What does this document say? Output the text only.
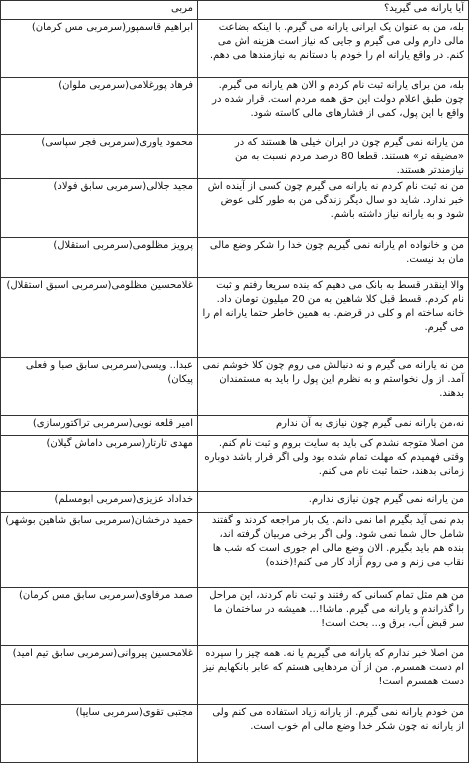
آیا یارانه می گیرید؟	مربی
بله، من به عنوان یک ایرانی یارانه می گیرم. با اینکه بضاعت مالی دارم ولی می گیرم و جایی که نیاز است هزینه اش می کنم. در واقع یارانه ام را خودم با دستانم به نیازمندها می دهم.	ابراهیم قاسمپور(سرمربی مس کرمان)
بله، من برای یارانه ثبت نام کردم و الان هم یارانه می گیرم. چون طبق اعلام دولت این حق همه مردم است. قرار شده در واقع با این پول، کمی از فشارهای مالی کاسته شود.	فرهاد پورغلامی(سرمربی ملوان)
من یارانه نمی گیرم چون در ایران خیلی ها هستند که در «مضیقه تر» هستند. قطعا 80 درصد مردم نسبت به من نیازمندتر هستند.	محمود یاوری(سرمربی فجر سپاسی)
من نه ثبت نام کردم نه یارانه می گیرم چون کسی از آینده اش خبر ندارد. شاید دو سال دیگر زندگی من به طور کلی عوض شود و به یارانه نیاز داشته باشم.	مجید جلالی(سرمربی سابق فولاد)
من و خانواده ام یارانه نمی گیریم چون خدا را شکر وضع مالی مان بد نیست.	پرویز مظلومی(سرمربی استقلال)
والا اینقدر قسط به بانک می دهیم که بنده سریعا رفتم و ثبت نام کردم. قسط قبل کلا شاهین به من 20 میلیون تومان داد. خانه ساخته ام و کلی در قرضم. به همین خاطر حتما یارانه ام را می گیرم.	غلامحسین مظلومی(سرمربی اسبق استقلال)
من نه یارانه می گیرم و نه دنبالش می روم چون کلا خوشم نمی آمد. از ول نخواستم و به نظرم این پول را باید به مستمندان بدهند.	عبدا.. ویسی(سرمربی سابق صبا و فعلی پیکان)
نه،من یارانه نمی گیرم چون نیازی به آن ندارم	امیر قلعه نویی(سرمربی تراکتورسازی)
من اصلا متوجه نشدم کی باید به سایت بروم و ثبت نام کنم. وقتی فهمیدم که مهلت تمام شده بود ولی اگر قرار باشد دوباره زمانی بدهند، حتما ثبت نام می کنم.	مهدی تارتار(سرمربی داماش گیلان)
من یارانه نمی گیرم چون نیازی ندارم.	خداداد عزیزی(سرمربی ابومسلم)
بدم نمی آید بگیرم اما نمی دانم. یک بار مراجعه کردند و گفتند شامل حال شما نمی شود. ولی اگر برخی مربیان گرفته اند، بنده هم باید بگیرم. الان وضع مالی ام جوری است که شب ها نقاب می زنم و می روم آزاد کار می کنم!(خنده)	حمید درخشان(سرمربی سابق شاهین بوشهر)
من هم مثل تمام کسانی که رفتند و ثبت نام کردند، این مراحل را گذراندم و یارانه می گیرم. ماشا!... همیشه در ساختمان ما سر قبض آب، برق و... بحث است!	صمد مرفاوی(سرمربی سابق مس کرمان)
من اصلا خبر ندارم که یارانه می گیریم یا نه. همه چیز را سپرده ام دست همسرم. من از آن مردهایی هستم که عابر بانکهایم نیز دست همسرم است!	غلامحسین پیروانی(سرمربی سابق تیم امید)
من خودم یارانه نمی گیرم. از یارانه زیاد استفاده می کنم ولی از یارانه نه چون شکر خدا وضع مالی ام خوب است.	مجتبی تقوی(سرمربی سایپا)
